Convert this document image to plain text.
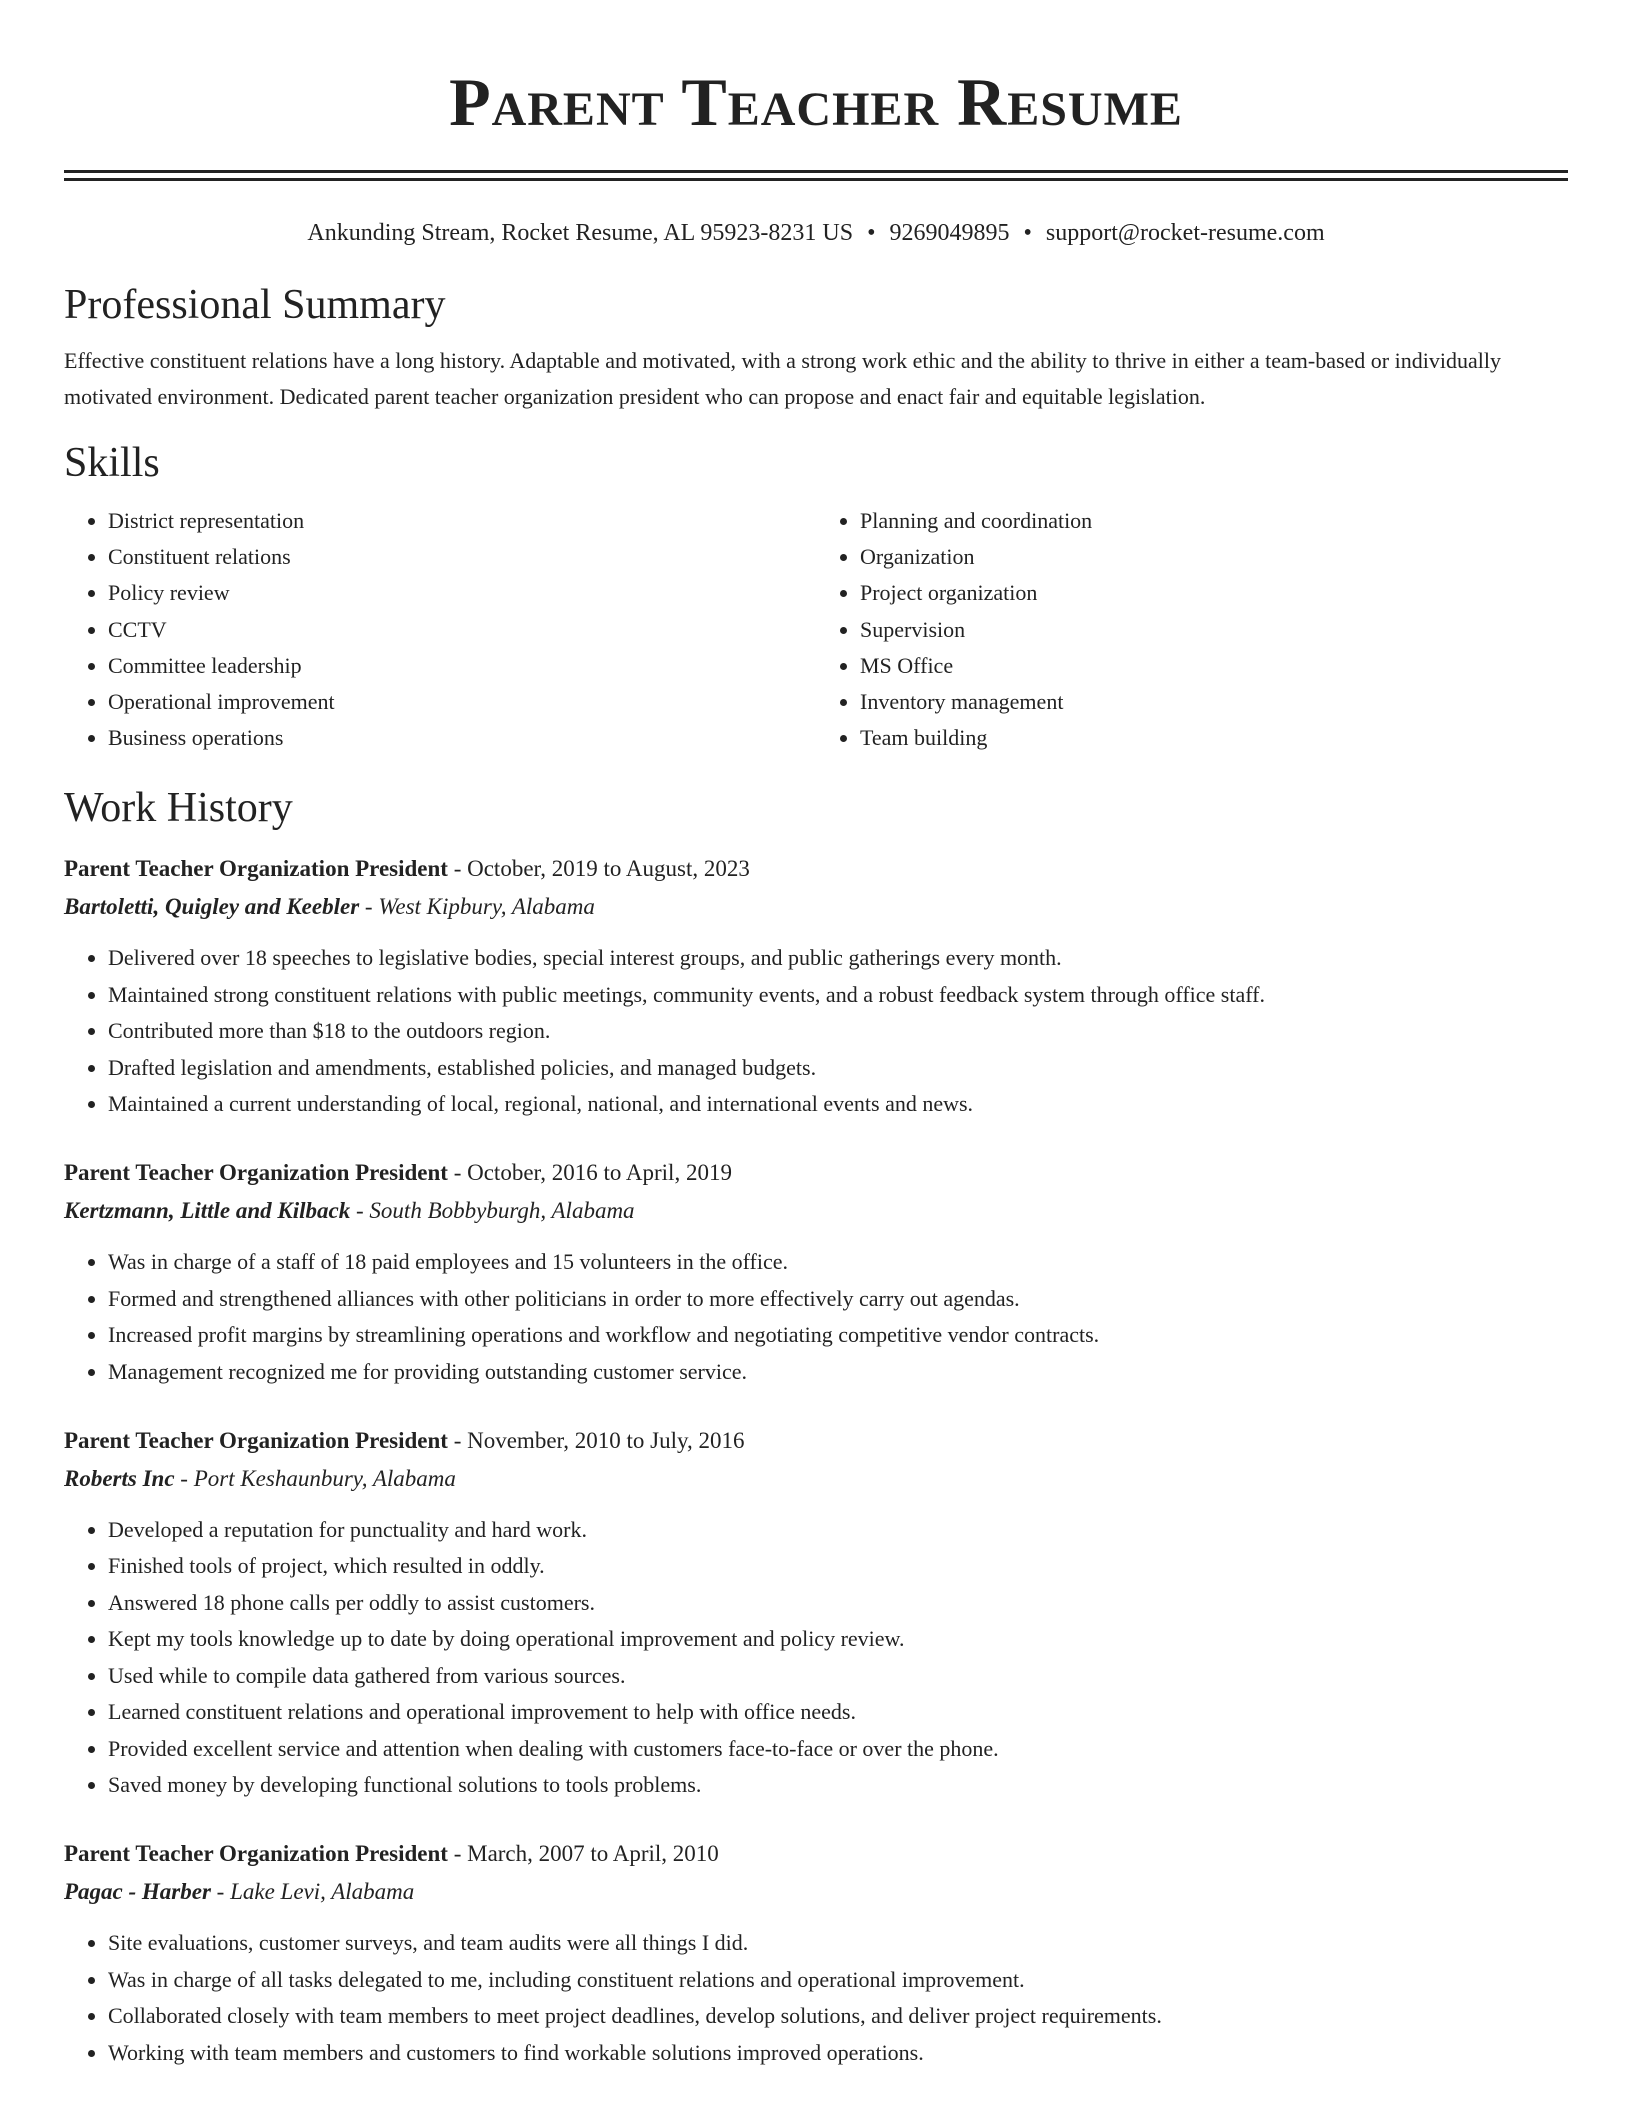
Parent Teacher Resume
Ankunding Stream, Rocket Resume, AL 95923-8231 US • 9269049895 • support@rocket-resume.com
Professional Summary

Effective constituent relations have a long history. Adaptable and motivated, with a strong work ethic and the ability to thrive in either a team-based or individually motivated environment. Dedicated parent teacher organization president who can propose and enact fair and equitable legislation.

Skills
• District representation
• Constituent relations
• Policy review
• CCTV
• Committee leadership
• Operational improvement
• Business operations
• Planning and coordination
• Organization
• Project organization
• Supervision
• MS Office
• Inventory management
• Team building
Work History
Parent Teacher Organization President - October, 2019 to August, 2023
Bartoletti, Quigley and Keebler - West Kipbury, Alabama
• Delivered over 18 speeches to legislative bodies, special interest groups, and public gatherings every month.
• Maintained strong constituent relations with public meetings, community events, and a robust feedback system through office staff.
• Contributed more than $18 to the outdoors region.
• Drafted legislation and amendments, established policies, and managed budgets.
• Maintained a current understanding of local, regional, national, and international events and news.
Parent Teacher Organization President - October, 2016 to April, 2019
Kertzmann, Little and Kilback - South Bobbyburgh, Alabama
• Was in charge of a staff of 18 paid employees and 15 volunteers in the office.
• Formed and strengthened alliances with other politicians in order to more effectively carry out agendas.
• Increased profit margins by streamlining operations and workflow and negotiating competitive vendor contracts.
• Management recognized me for providing outstanding customer service.
Parent Teacher Organization President - November, 2010 to July, 2016
Roberts Inc - Port Keshaunbury, Alabama
• Developed a reputation for punctuality and hard work.
• Finished tools of project, which resulted in oddly.
• Answered 18 phone calls per oddly to assist customers.
• Kept my tools knowledge up to date by doing operational improvement and policy review.
• Used while to compile data gathered from various sources.
• Learned constituent relations and operational improvement to help with office needs.
• Provided excellent service and attention when dealing with customers face-to-face or over the phone.
• Saved money by developing functional solutions to tools problems.
Parent Teacher Organization President - March, 2007 to April, 2010
Pagac - Harber - Lake Levi, Alabama
• Site evaluations, customer surveys, and team audits were all things I did.
• Was in charge of all tasks delegated to me, including constituent relations and operational improvement.
• Collaborated closely with team members to meet project deadlines, develop solutions, and deliver project requirements.
• Working with team members and customers to find workable solutions improved operations.
